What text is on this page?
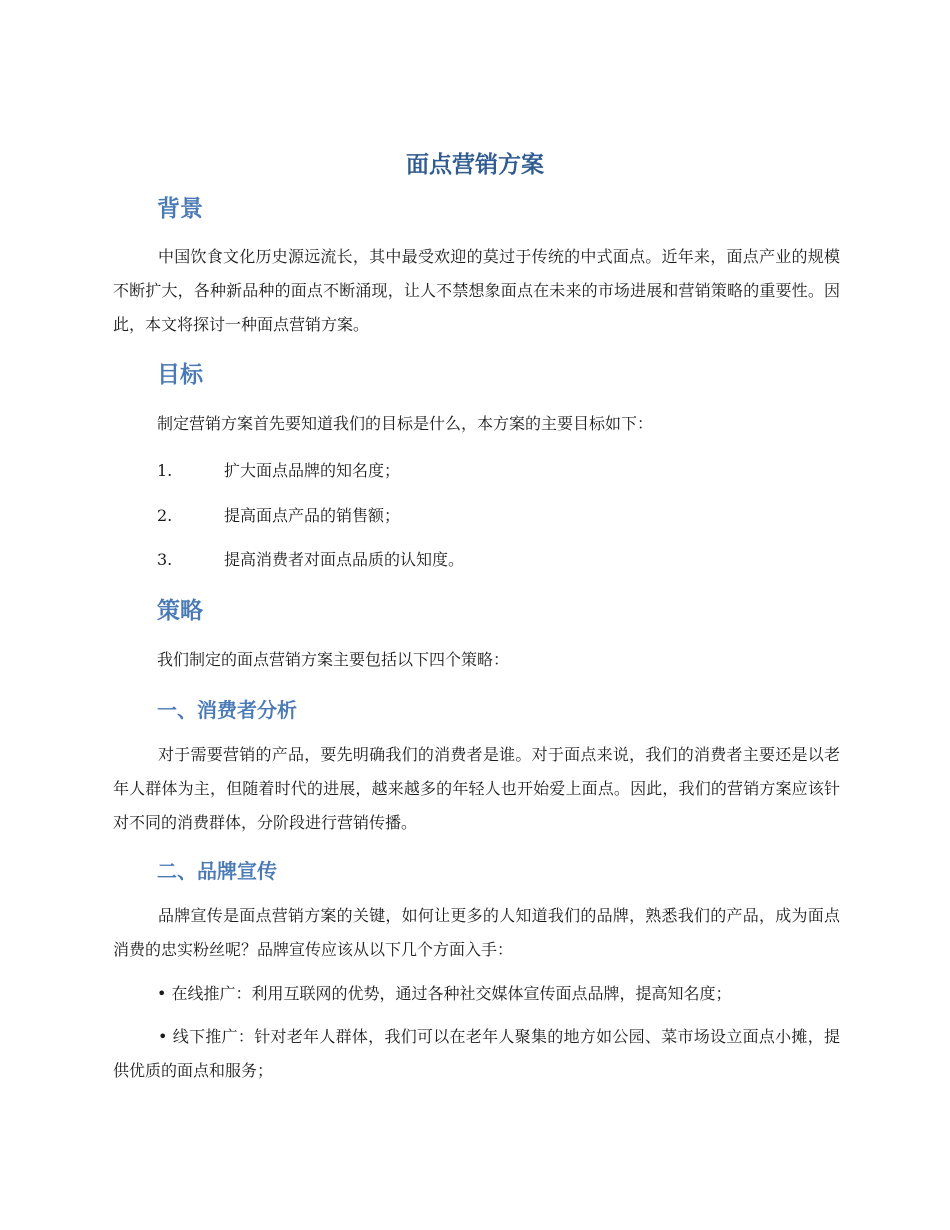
面点营销方案
背景

中国饮食文化历史源远流长，其中最受欢迎的莫过于传统的中式面点。近年来，面点产业的规模不断扩大，各种新品种的面点不断涌现，让人不禁想象面点在未来的市场进展和营销策略的重要性。因此，本文将探讨一种面点营销方案。

目标

制定营销方案首先要知道我们的目标是什么，本方案的主要目标如下：

1.	扩大面点品牌的知名度；
2.	提高面点产品的销售额；
3.	提高消费者对面点品质的认知度。
策略

我们制定的面点营销方案主要包括以下四个策略：

一、消费者分析

对于需要营销的产品，要先明确我们的消费者是谁。对于面点来说，我们的消费者主要还是以老年人群体为主，但随着时代的进展，越来越多的年轻人也开始爱上面点。因此，我们的营销方案应该针对不同的消费群体，分阶段进行营销传播。

二、品牌宣传

品牌宣传是面点营销方案的关键，如何让更多的人知道我们的品牌，熟悉我们的产品，成为面点消费的忠实粉丝呢？品牌宣传应该从以下几个方面入手：

• 在线推广：利用互联网的优势，通过各种社交媒体宣传面点品牌，提高知名度；

• 线下推广：针对老年人群体，我们可以在老年人聚集的地方如公园、菜市场设立面点小摊，提供优质的面点和服务；
